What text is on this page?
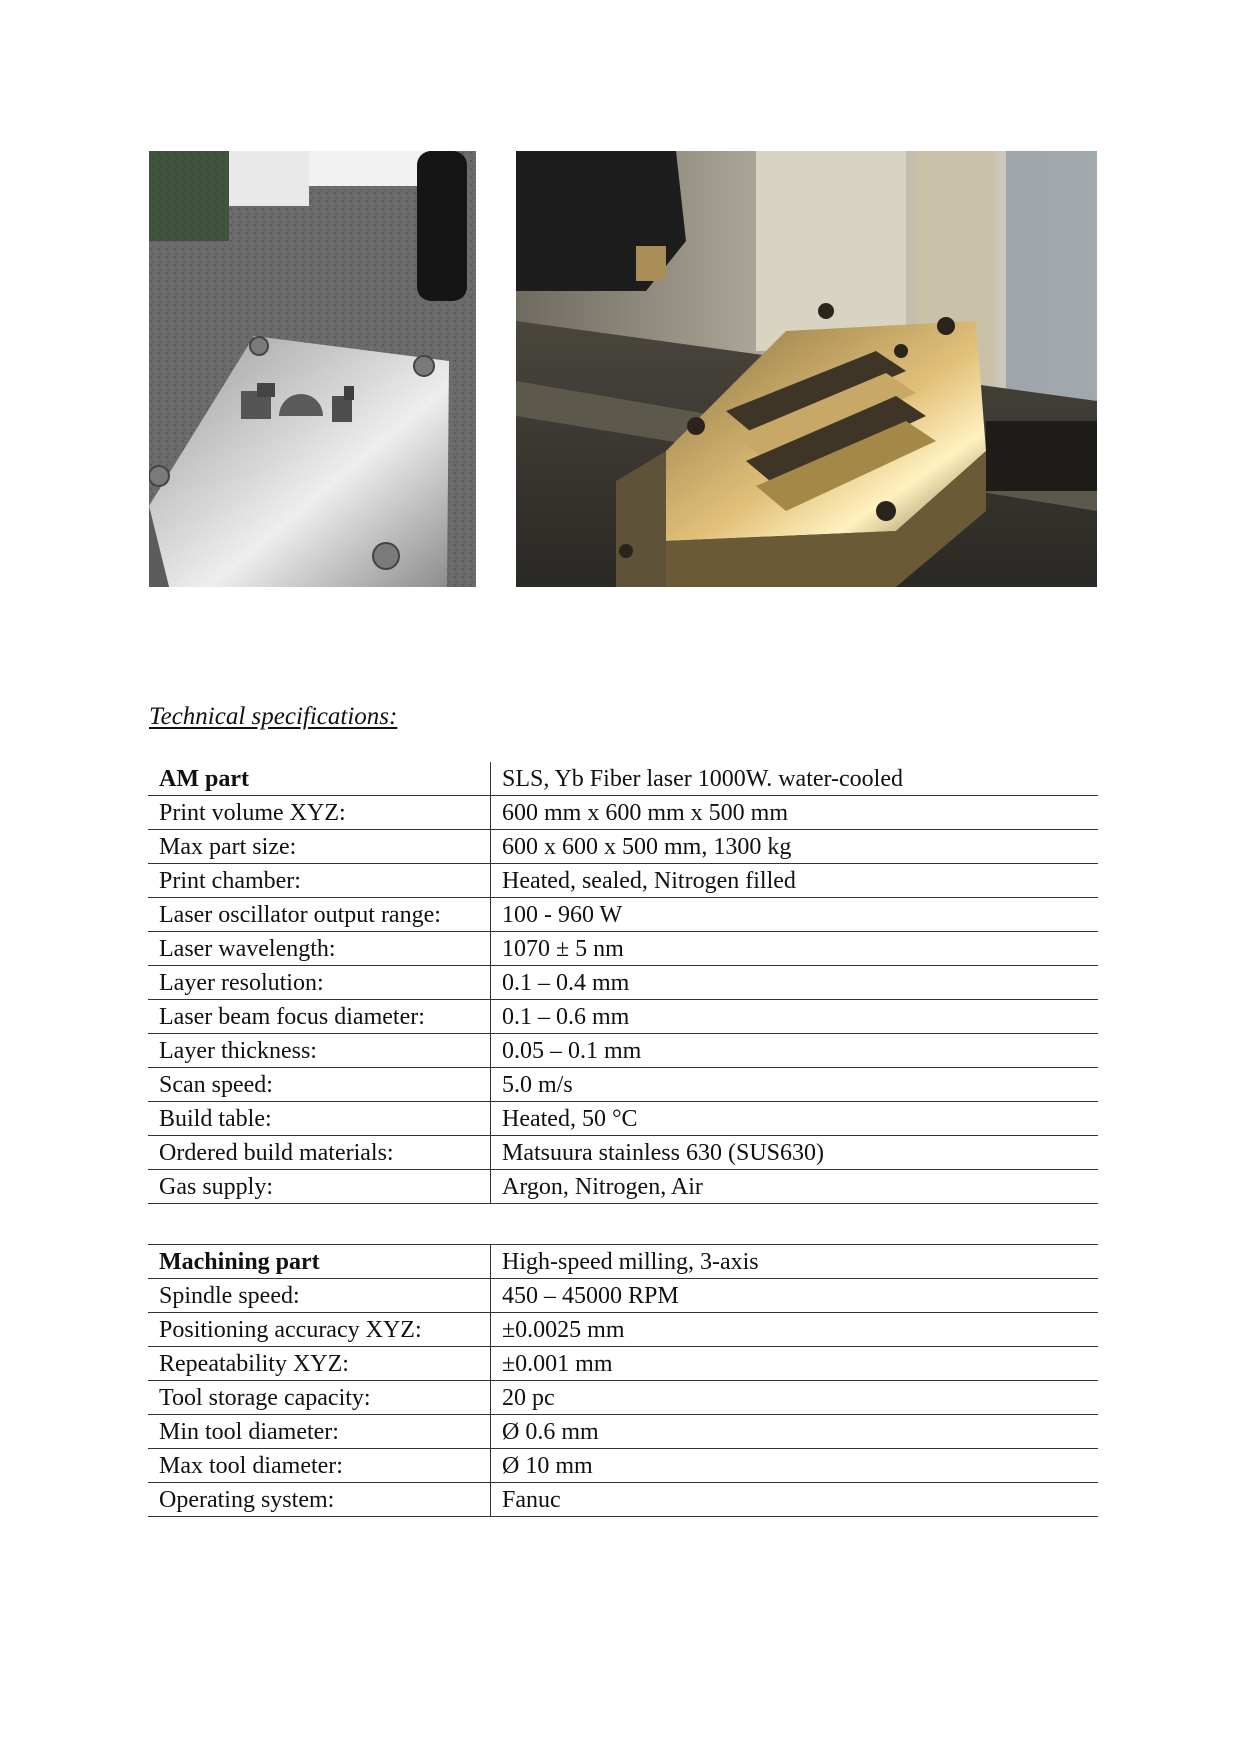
Technical specifications:
AM part	SLS, Yb Fiber laser 1000W. water-cooled
Print volume XYZ:	600 mm x 600 mm x 500 mm
Max part size:	600 x 600 x 500 mm, 1300 kg
Print chamber:	Heated, sealed, Nitrogen filled
Laser oscillator output range:	100 - 960 W
Laser wavelength:	1070 ± 5 nm
Layer resolution:	0.1 – 0.4 mm
Laser beam focus diameter:	0.1 – 0.6 mm
Layer thickness:	0.05 – 0.1 mm
Scan speed:	5.0 m/s
Build table:	Heated, 50 °C
Ordered build materials:	Matsuura stainless 630 (SUS630)
Gas supply:	Argon, Nitrogen, Air
Machining part	High-speed milling, 3-axis
Spindle speed:	450 – 45000 RPM
Positioning accuracy XYZ:	±0.0025 mm
Repeatability XYZ:	±0.001 mm
Tool storage capacity:	20 pc
Min tool diameter:	Ø 0.6 mm
Max tool diameter:	Ø 10 mm
Operating system:	Fanuc
